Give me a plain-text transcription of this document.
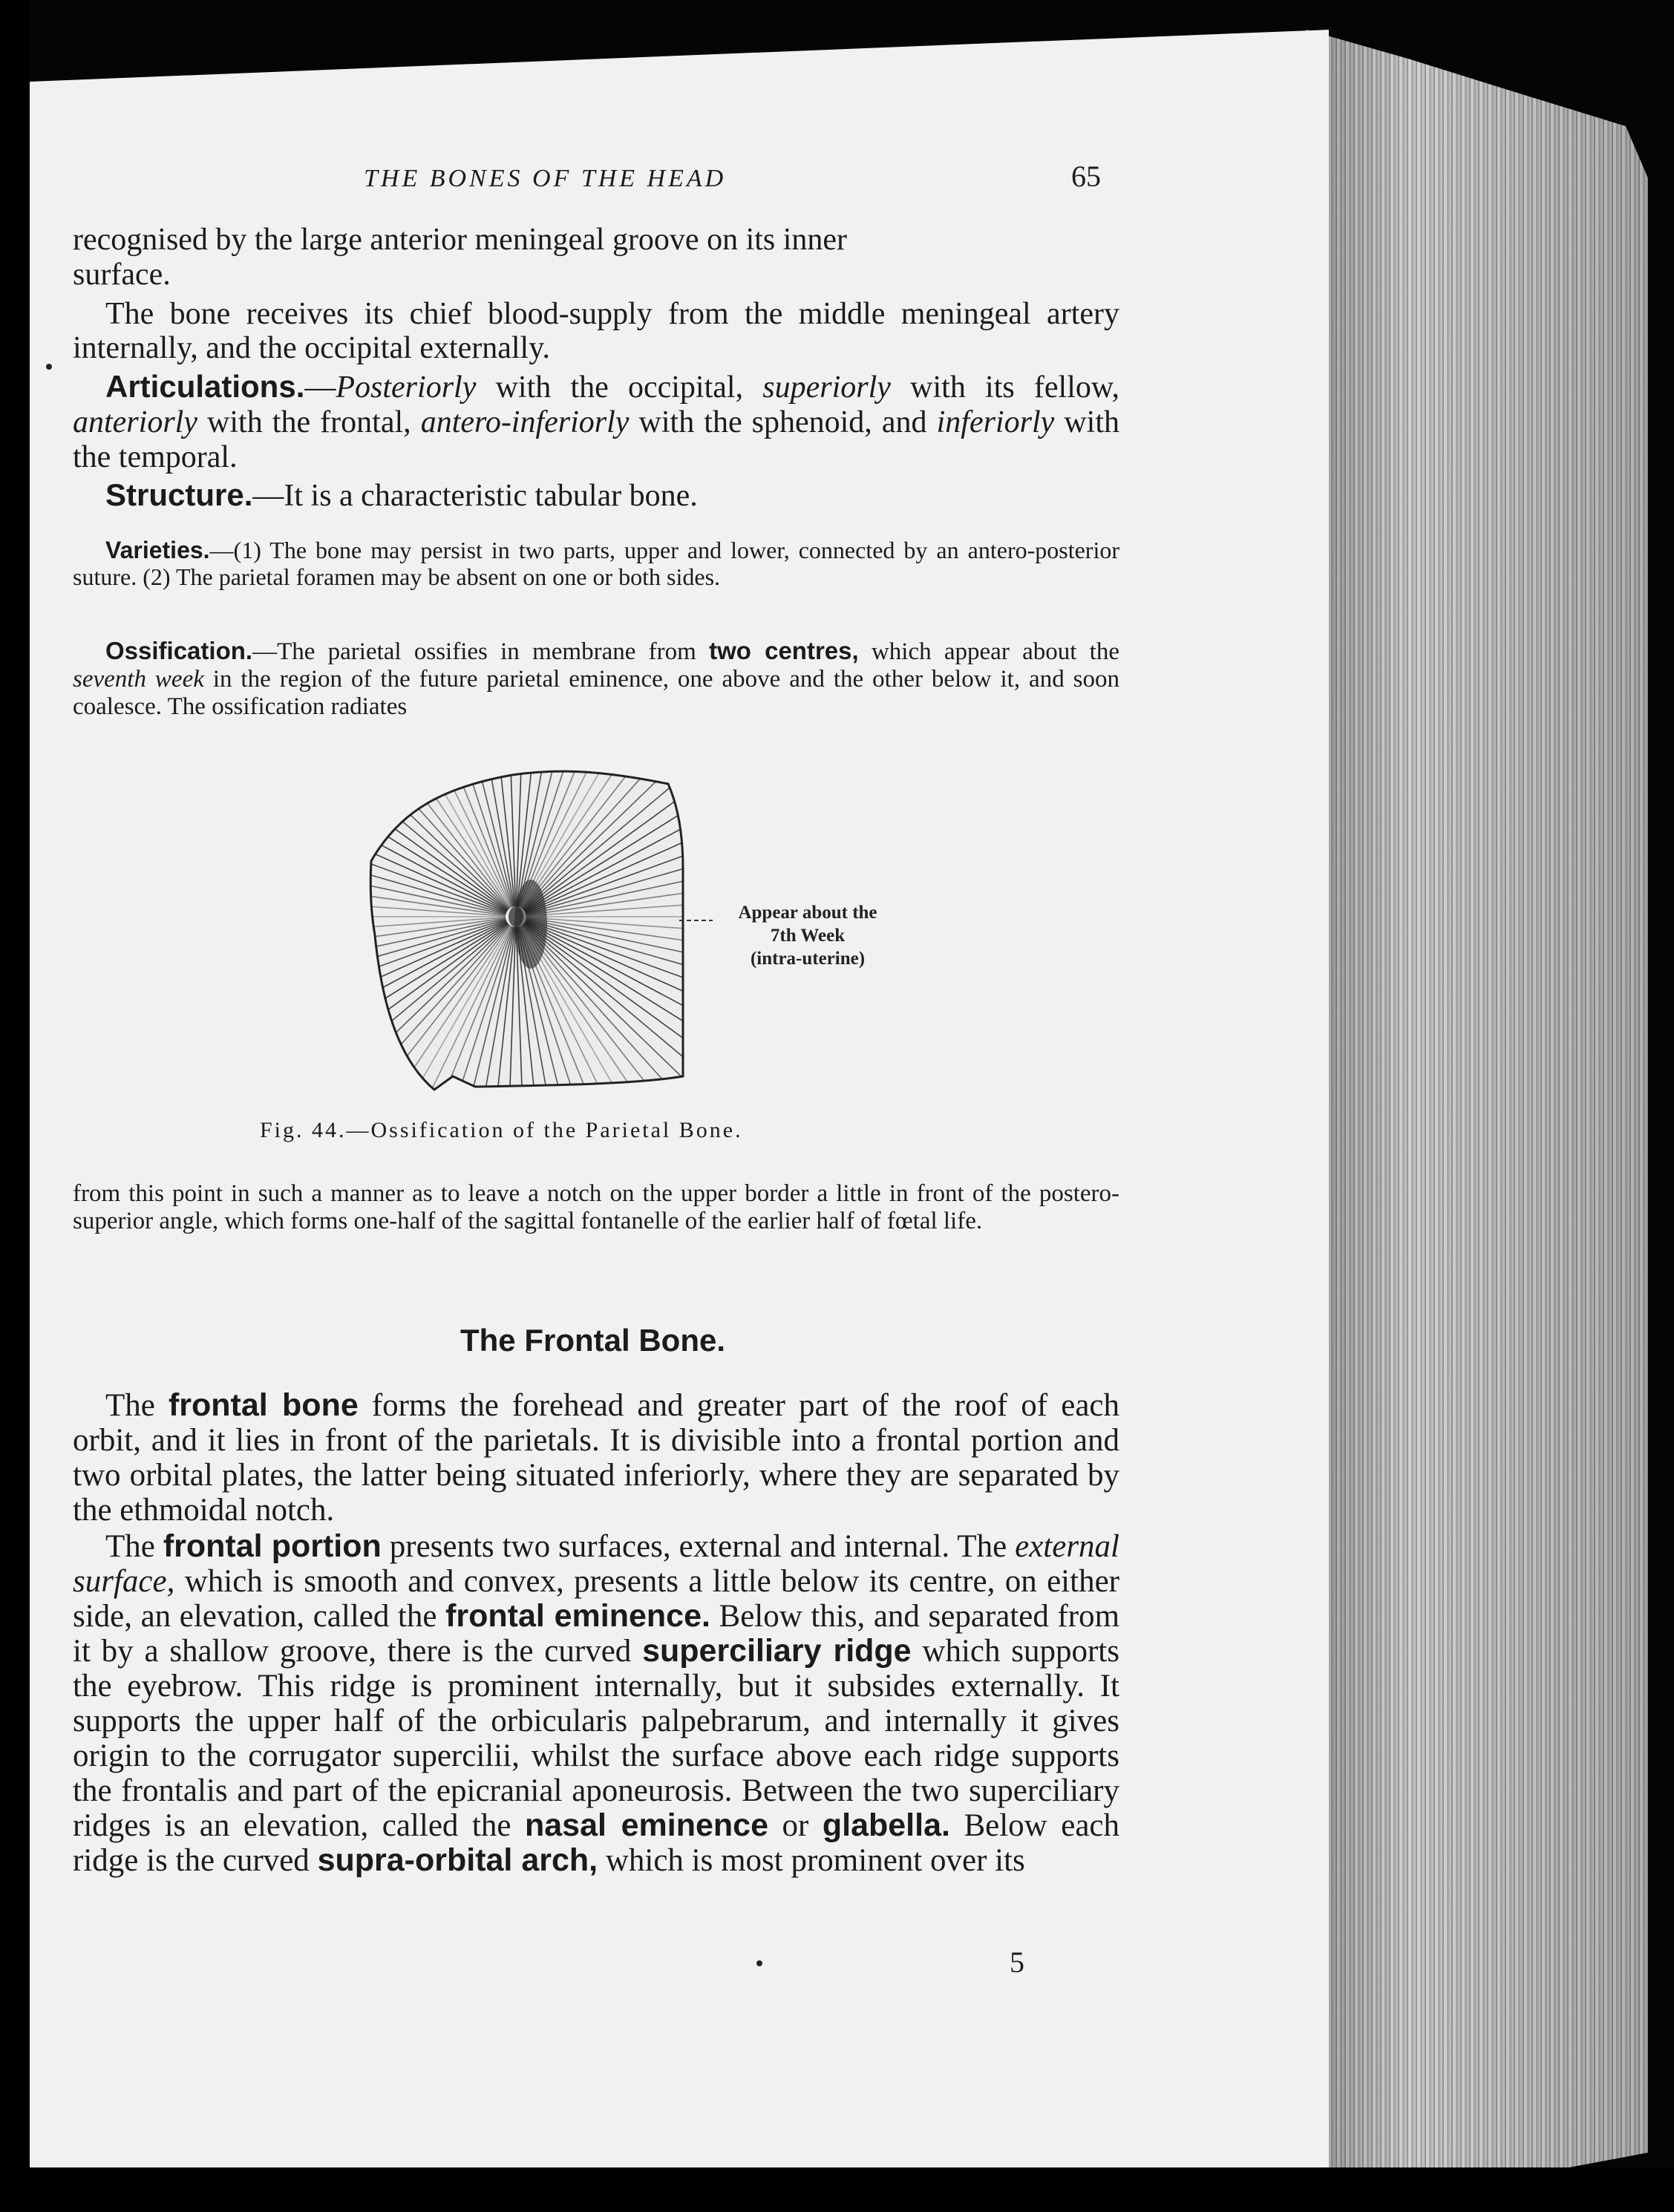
THE BONES OF THE HEAD	65
recognised by the large anterior meningeal groove on its inner
surface.
The bone receives its chief blood-supply from the middle meningeal artery internally, and the occipital externally.
Articulations.—Posteriorly with the occipital, superiorly with its fellow, anteriorly with the frontal, antero-inferiorly with the sphenoid, and inferiorly with the temporal.
Structure.—It is a characteristic tabular bone.
Varieties.—(1) The bone may persist in two parts, upper and lower, connected by an antero-posterior suture. (2) The parietal foramen may be absent on one or both sides.
Ossification.—The parietal ossifies in membrane from two centres, which appear about the seventh week in the region of the future parietal eminence, one above and the other below it, and soon coalesce. The ossification radiates
Appear about the
7th Week
(intra-uterine)
Fig. 44.—Ossification of the Parietal Bone.
from this point in such a manner as to leave a notch on the upper border a little in front of the postero-superior angle, which forms one-half of the sagittal fontanelle of the earlier half of fœtal life.
The Frontal Bone.
The frontal bone forms the forehead and greater part of the roof of each orbit, and it lies in front of the parietals. It is divisible into a frontal portion and two orbital plates, the latter being situated inferiorly, where they are separated by the ethmoidal notch.
The frontal portion presents two surfaces, external and internal. The external surface, which is smooth and convex, presents a little below its centre, on either side, an elevation, called the frontal eminence. Below this, and separated from it by a shallow groove, there is the curved superciliary ridge which supports the eyebrow. This ridge is prominent internally, but it subsides externally. It supports the upper half of the orbicularis palpebrarum, and internally it gives origin to the corrugator supercilii, whilst the surface above each ridge supports the frontalis and part of the epicranial aponeurosis. Between the two superciliary ridges is an elevation, called the nasal eminence or glabella. Below each ridge is the curved supra-orbital arch, which is most prominent over its
5
